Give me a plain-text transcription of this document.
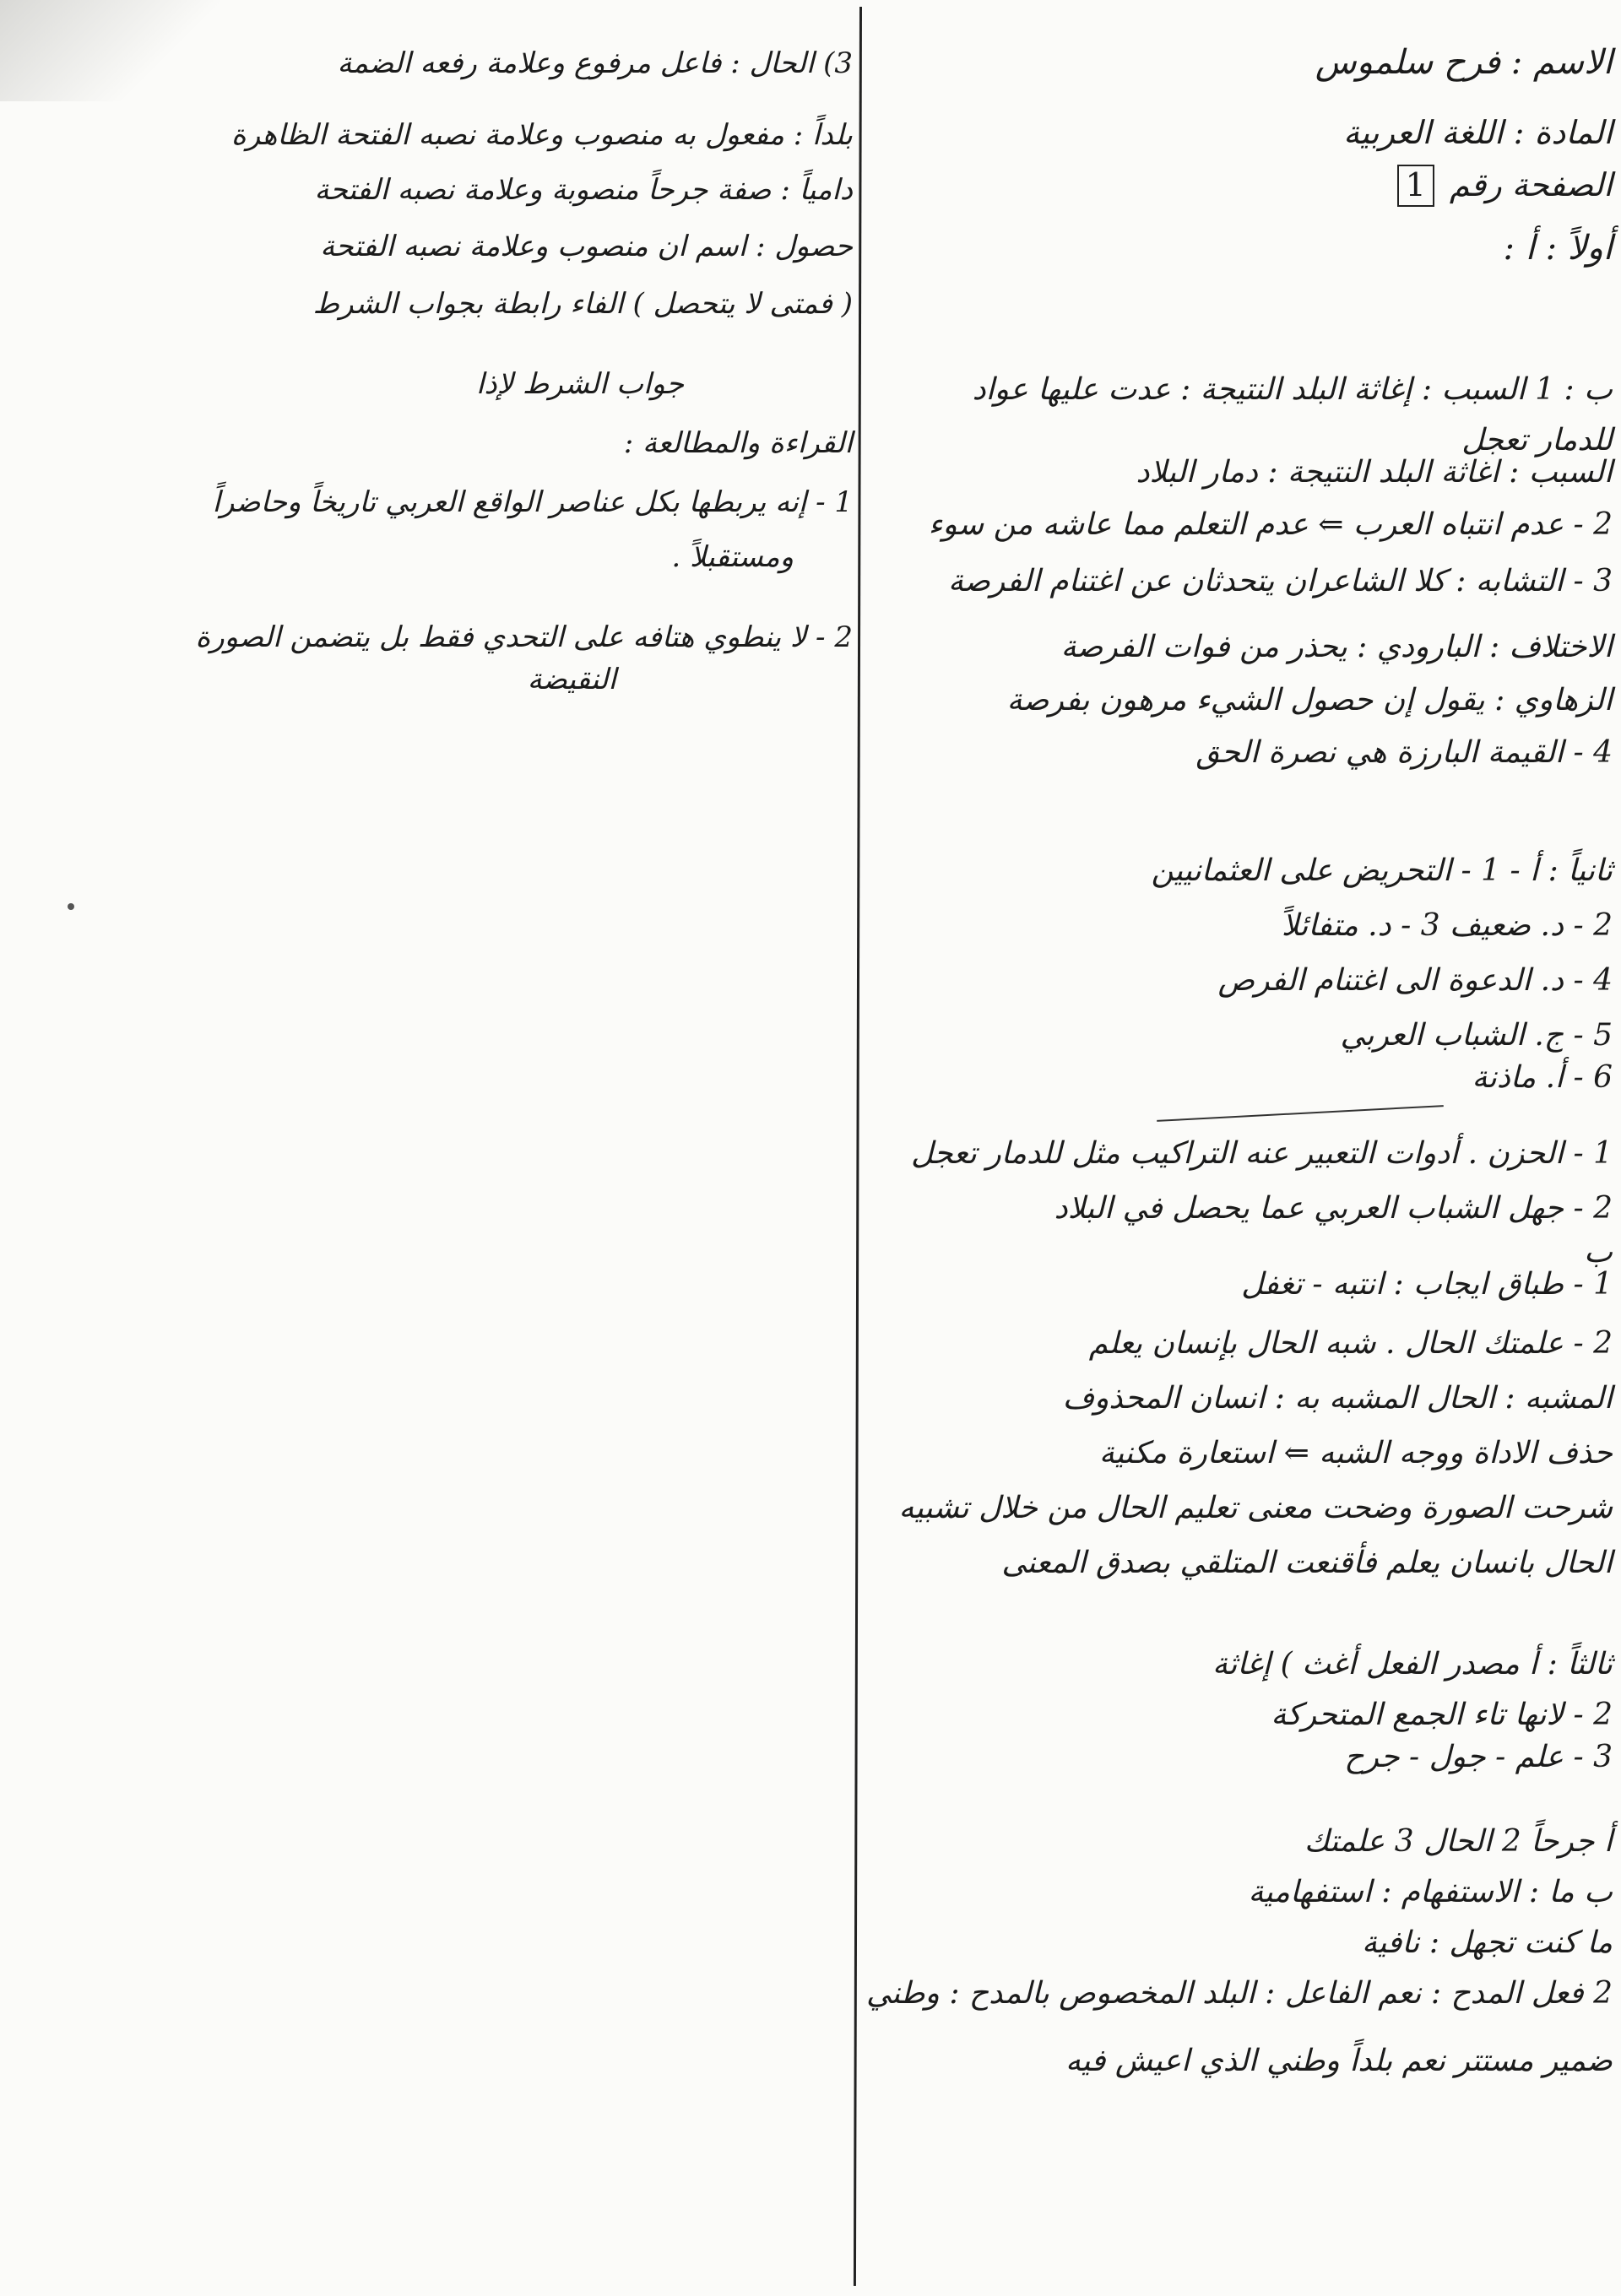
الاسم : فرح سلموس
المادة : اللغة العربية
الصفحة رقم 1
أولاً : أ :
ب : 1 السبب : إغاثة البلد النتيجة : عدت عليها عواد
للدمار تعجل
السبب : اغاثة البلد النتيجة : دمار البلاد
2 - عدم انتباه العرب ⇐ عدم التعلم مما عاشه من سوء
3 - التشابه : كلا الشاعران يتحدثان عن اغتنام الفرصة
الاختلاف : البارودي : يحذر من فوات الفرصة
الزهاوي : يقول إن حصول الشيء مرهون بفرصة
4 - القيمة البارزة هي نصرة الحق
ثانياً : أ - 1 - التحريض على العثمانيين
2 - د. ضعيف 3 - د. متفائلاً
4 - د. الدعوة الى اغتنام الفرص
5 - ج. الشباب العربي
6 - أ. ماذنة
1 - الحزن . أدوات التعبير عنه التراكيب مثل للدمار تعجل
2 - جهل الشباب العربي عما يحصل في البلاد
ب
1 - طباق ايجاب : انتبه - تغفل
2 - علمتك الحال . شبه الحال بإنسان يعلم
المشبه : الحال المشبه به : انسان المحذوف
حذف الاداة ووجه الشبه ⇐ استعارة مكنية
شرحت الصورة وضحت معنى تعليم الحال من خلال تشبيه
الحال بانسان يعلم فأقنعت المتلقي بصدق المعنى
ثالثاً : أ مصدر الفعل أغث ) إغاثة
2 - لانها تاء الجمع المتحركة
3 - علم - جول - جرح
أ جرحاً 2 الحال 3 علمتك
ب ما : الاستفهام : استفهامية
ما كنت تجهل : نافية
2 فعل المدح : نعم الفاعل : البلد المخصوص بالمدح : وطني
ضمير مستتر نعم بلداً وطني الذي اعيش فيه
3) الحال : فاعل مرفوع وعلامة رفعه الضمة
بلداً : مفعول به منصوب وعلامة نصبه الفتحة الظاهرة
دامياً : صفة جرحاً منصوبة وعلامة نصبه الفتحة
حصول : اسم ان منصوب وعلامة نصبه الفتحة
( فمتى لا يتحصل ) الفاء رابطة بجواب الشرط
جواب الشرط لإذا
القراءة والمطالعة :
1 - إنه يربطها بكل عناصر الواقع العربي تاريخاً وحاضراً
ومستقبلاً .
2 - لا ينطوي هتافه على التحدي فقط بل يتضمن الصورة
النقيضة
